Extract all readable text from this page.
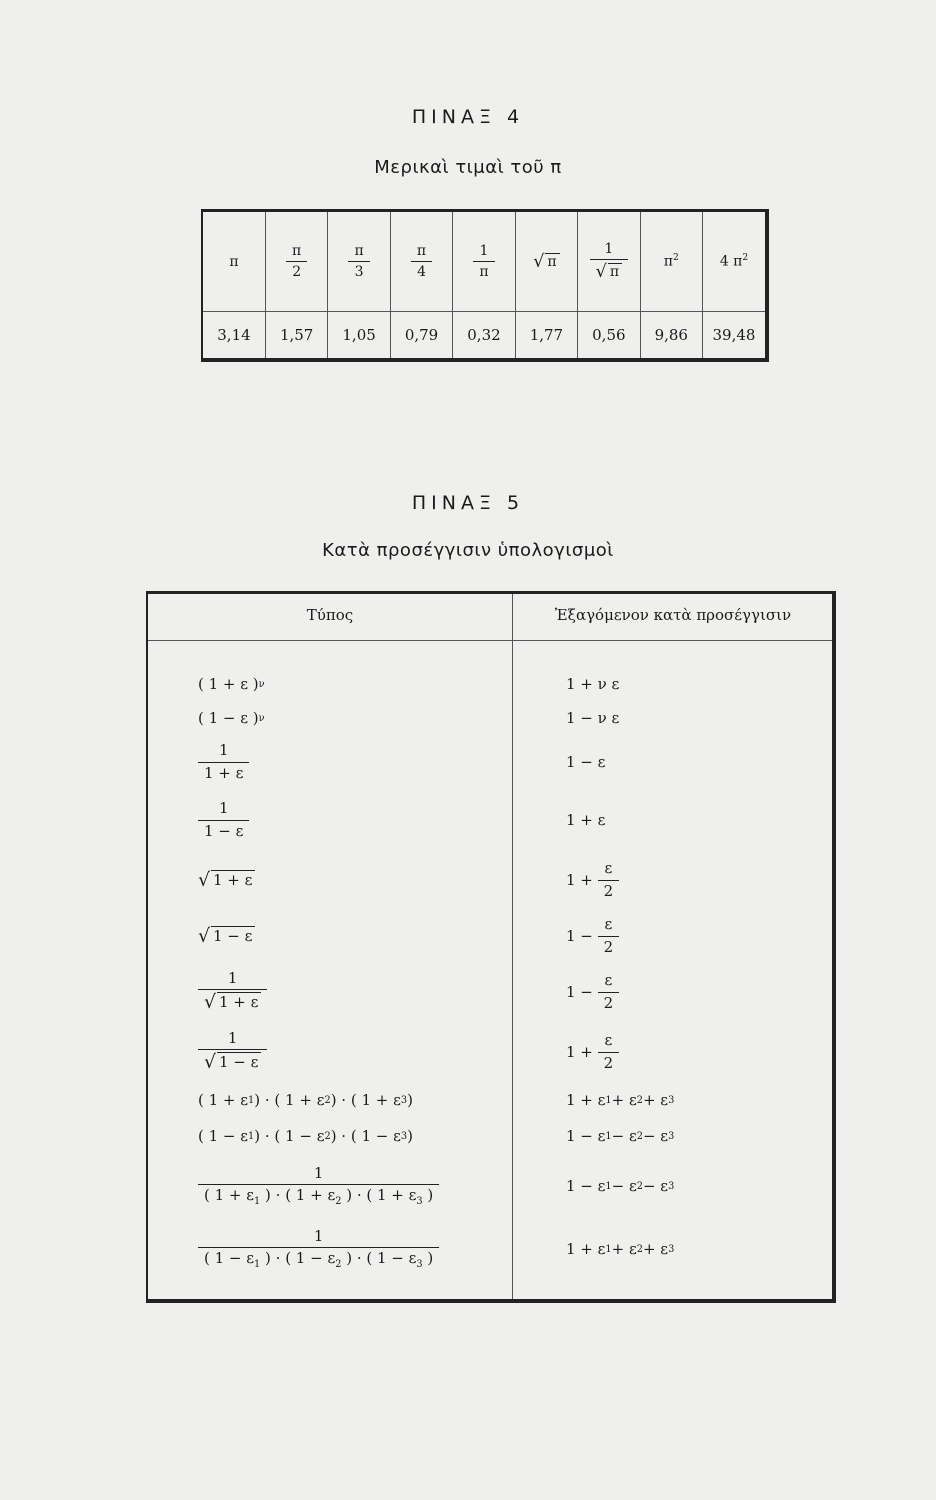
ΠΙΝΑΞ 4
Μερικαὶ τιμαὶ τοῦ π
π	$\frac{\pi}{2}$	$\frac{\pi}{3}$	$\frac{\pi}{4}$	$\frac{1}{\pi}$	√ π	$\frac{1}{√ \pi}$	$\pi^2$	4 $\pi^2$
3,14	1,57	1,05	0,79	0,32	1,77	0,56	9,86	39,48
ΠΙΝΑΞ 5
Κατὰ προσέγγισιν ὑπολογισμοὶ
Τύπος	Ἐξαγόμενον κατὰ προσέγγισιν
( 1 + ε ) ν	1 + ν ε
( 1 − ε ) ν	1 − ν ε
$\frac{1}{1 + \varepsilon}$	1 − ε
$\frac{1}{1 - \varepsilon}$	1 + ε
√ 1 + ε	$1 + \frac{\varepsilon}{2}$
√ 1 − ε	$1 - \frac{\varepsilon}{2}$
$\frac{1}{√ 1 + \varepsilon}$	$1 - \frac{\varepsilon}{2}$
$\frac{1}{√ 1 - \varepsilon}$	$1 + \frac{\varepsilon}{2}$
( 1 + ε 1 ) · ( 1 + ε 2 ) · ( 1 + ε 3 )	1 + ε 1 + ε 2 + ε 3
( 1 − ε 1 ) · ( 1 − ε 2 ) · ( 1 − ε 3 )	1 − ε 1 − ε 2 − ε 3
$\frac{1}{( 1 + \varepsilon_1 ) \cdot ( 1 + \varepsilon_2 ) \cdot ( 1 + \varepsilon_3 )}$	1 − ε 1 − ε 2 − ε 3
$\frac{1}{( 1 - \varepsilon_1 ) \cdot ( 1 - \varepsilon_2 ) \cdot ( 1 - \varepsilon_3 )}$	1 + ε 1 + ε 2 + ε 3
